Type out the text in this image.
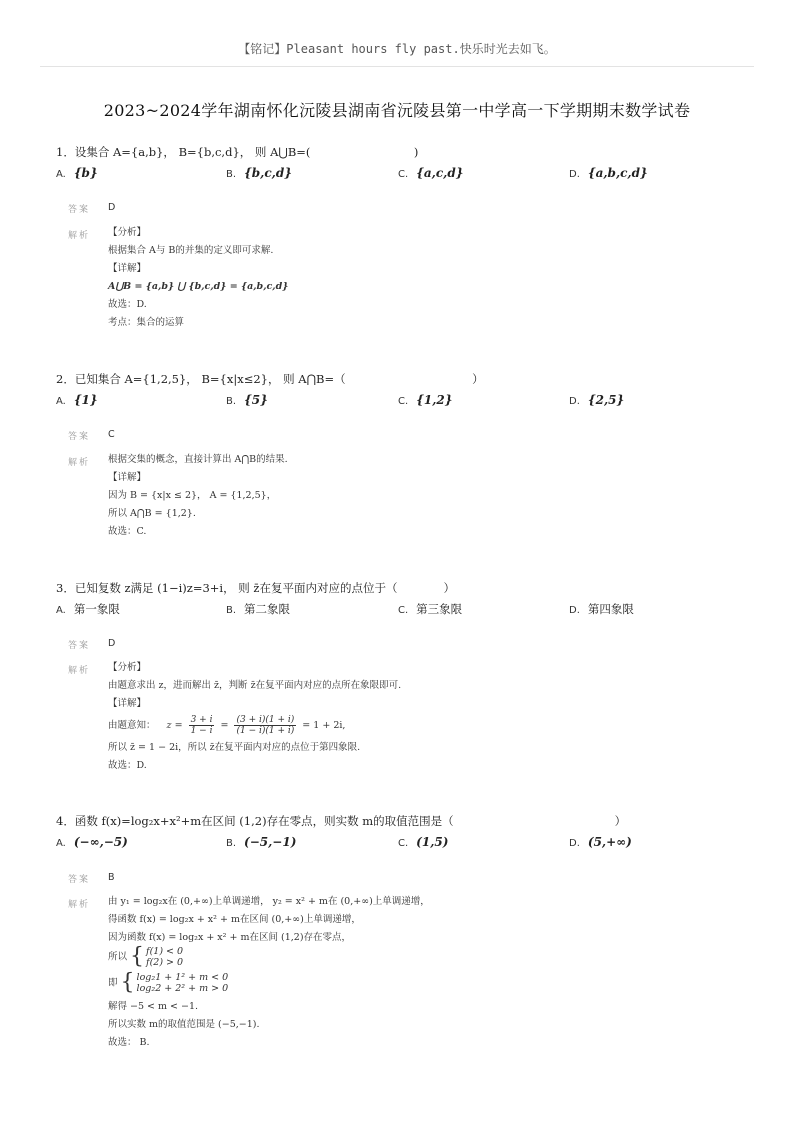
【铭记】Pleasant hours fly past.快乐时光去如飞。
2023~2024学年湖南怀化沅陵县湖南省沅陵县第一中学高一下学期期末数学试卷
1．设集合 A={a,b}， B={b,c,d}， 则 A⋃B=(　　　　　　　　　)
A. {b}	B. {b,c,d}	C. {a,c,d}	D. {a,b,c,d}
答案 D
解析 【分析】
根据集合 A与 B的并集的定义即可求解.
【详解】
A⋃B = {a,b} ⋃ {b,c,d} = {a,b,c,d}
故选：D.
考点：集合的运算
2．已知集合 A={1,2,5}， B={x|x≤2}， 则 A⋂B=（　　　　　　　　　　　）
A. {1}	B. {5}	C. {1,2}	D. {2,5}
答案 C
解析 根据交集的概念，直接计算出 A⋂B的结果.
【详解】
因为 B = {x|x ≤ 2}， A = {1,2,5}，
所以 A⋂B = {1,2}.
故选：C.
3．已知复数 z满足 (1−i)z=3+i， 则 z̄在复平面内对应的点位于（　　　　）
A. 第一象限	B. 第二象限	C. 第三象限	D. 第四象限
答案 D
解析 【分析】
由题意求出 z，进而解出 z̄，判断 z̄在复平面内对应的点所在象限即可.
【详解】
由题意知： $z = \frac{3 + i}{1 - i} = \frac{(3 + i)(1 + i)}{(1 - i)(1 + i)} = 1 + 2i$,
所以 z̄ = 1 − 2i，所以 z̄在复平面内对应的点位于第四象限.
故选：D.
4．函数 f(x)=log₂x+x²+m在区间 (1,2)存在零点，则实数 m的取值范围是（　　　　　　　　　　　　　　）
A. (−∞,−5)	B. (−5,−1)	C. (1,5)	D. (5,+∞)
答案 B
解析 由 y₁ = log₂x在 (0,+∞)上单调递增， y₂ = x² + m在 (0,+∞)上单调递增，
得函数 f(x) = log₂x + x² + m在区间 (0,+∞)上单调递增，
因为函数 f(x) = log₂x + x² + m在区间 (1,2)存在零点，
所以 { f(1) < 0
f(2) > 0
即 { log₂1 + 1² + m < 0
log₂2 + 2² + m > 0
解得 −5 < m < −1.
所以实数 m的取值范围是 (−5,−1).
故选： B.
